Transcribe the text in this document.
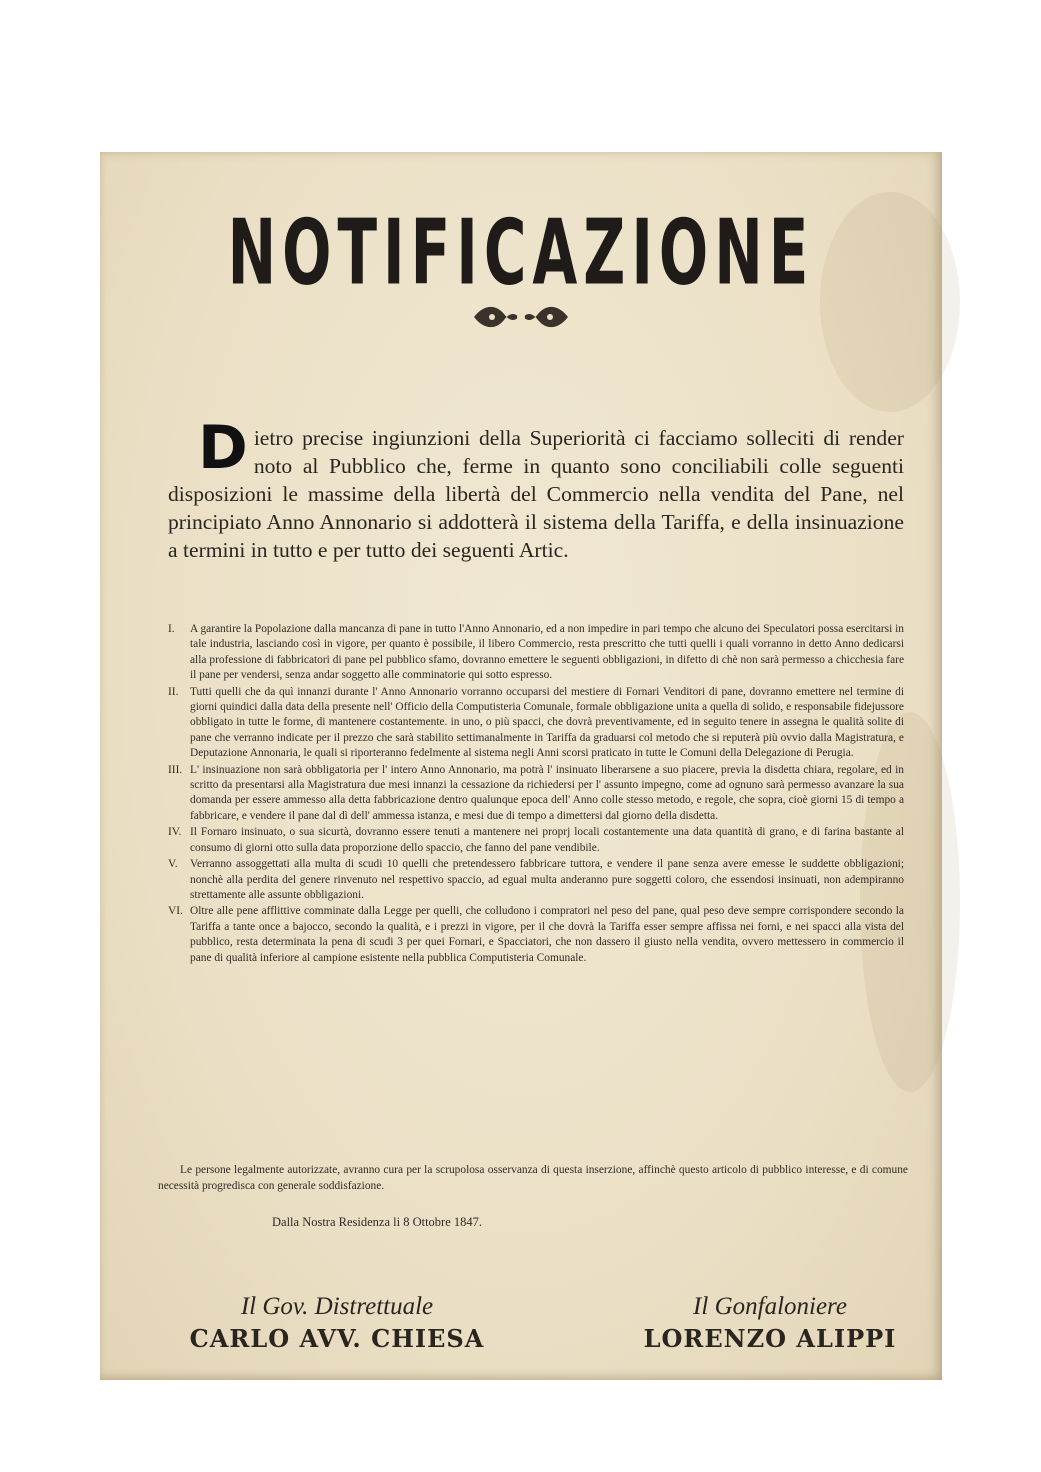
NOTIFICAZIONE
Dietro precise ingiunzioni della Superiorità ci facciamo solleciti di render noto al Pubblico che, ferme in quanto sono conciliabili colle seguenti disposizioni le massime della libertà del Commercio nella vendita del Pane, nel principiato Anno Annonario si addotterà il sistema della Tariffa, e della insinuazione a termini in tutto e per tutto dei seguenti Artic.
I. A garantire la Popolazione dalla mancanza di pane in tutto l'Anno Annonario, ed a non impedire in pari tempo che alcuno dei Speculatori possa esercitarsi in tale industria, lasciando così in vigore, per quanto è possibile, il libero Commercio, resta prescritto che tutti quelli i quali vorranno in detto Anno dedicarsi alla professione di fabbricatori di pane pel pubblico sfamo, dovranno emettere le seguenti obbligazioni, in difetto di chè non sarà permesso a chicchesia fare il pane per vendersi, senza andar soggetto alle comminatorie qui sotto espresso.
II. Tutti quelli che da quì innanzi durante l' Anno Annonario vorranno occuparsi del mestiere di Fornari Venditori di pane, dovranno emettere nel termine di giorni quindici dalla data della presente nell' Officio della Computisteria Comunale, formale obbligazione unita a quella di solido, e responsabile fidejussore obbligato in tutte le forme, di mantenere costantemente. in uno, o più spacci, che dovrà preventivamente, ed in seguito tenere in assegna le qualità solite di pane che verranno indicate per il prezzo che sarà stabilito settimanalmente in Tariffa da graduarsi col metodo che si reputerà più ovvio dalla Magistratura, e Deputazione Annonaria, le quali si riporteranno fedelmente al sistema negli Anni scorsi praticato in tutte le Comuni della Delegazione di Perugia.
III. L' insinuazione non sarà obbligatoria per l' intero Anno Annonario, ma potrà l' insinuato liberarsene a suo piacere, previa la disdetta chiara, regolare, ed in scritto da presentarsi alla Magistratura due mesi innanzi la cessazione da richiedersi per l' assunto impegno, come ad ognuno sarà permesso avanzare la sua domanda per essere ammesso alla detta fabbricazione dentro qualunque epoca dell' Anno colle stesso metodo, e regole, che sopra, cioè giorni 15 di tempo a fabbricare, e vendere il pane dal dì dell' ammessa istanza, e mesi due di tempo a dimettersi dal giorno della disdetta.
IV. Il Fornaro insinuato, o sua sicurtà, dovranno essere tenuti a mantenere nei proprj locali costantemente una data quantità di grano, e di farina bastante al consumo di giorni otto sulla data proporzione dello spaccio, che fanno del pane vendibile.
V. Verranno assoggettati alla multa di scudi 10 quelli che pretendessero fabbricare tuttora, e vendere il pane senza avere emesse le suddette obbligazioni; nonchè alla perdita del genere rinvenuto nel respettivo spaccio, ad egual multa anderanno pure soggetti coloro, che essendosi insinuati, non adempiranno strettamente alle assunte obbligazioni.
VI. Oltre alle pene afflittive comminate dalla Legge per quelli, che colludono i compratori nel peso del pane, qual peso deve sempre corrispondere secondo la Tariffa a tante once a bajocco, secondo la qualità, e i prezzi in vigore, per il che dovrà la Tariffa esser sempre affissa nei forni, e nei spacci alla vista del pubblico, resta determinata la pena di scudi 3 per quei Fornari, e Spacciatori, che non dassero il giusto nella vendita, ovvero mettessero in commercio il pane di qualità inferiore al campione esistente nella pubblica Computisteria Comunale.
Le persone legalmente autorizzate, avranno cura per la scrupolosa osservanza di questa inserzione, affinchè questo articolo di pubblico interesse, e di comune necessità progredisca con generale soddisfazione.
Dalla Nostra Residenza li 8 Ottobre 1847.
Il Gov. Distrettuale
CARLO AVV. CHIESA
Il Gonfaloniere
LORENZO ALIPPI
